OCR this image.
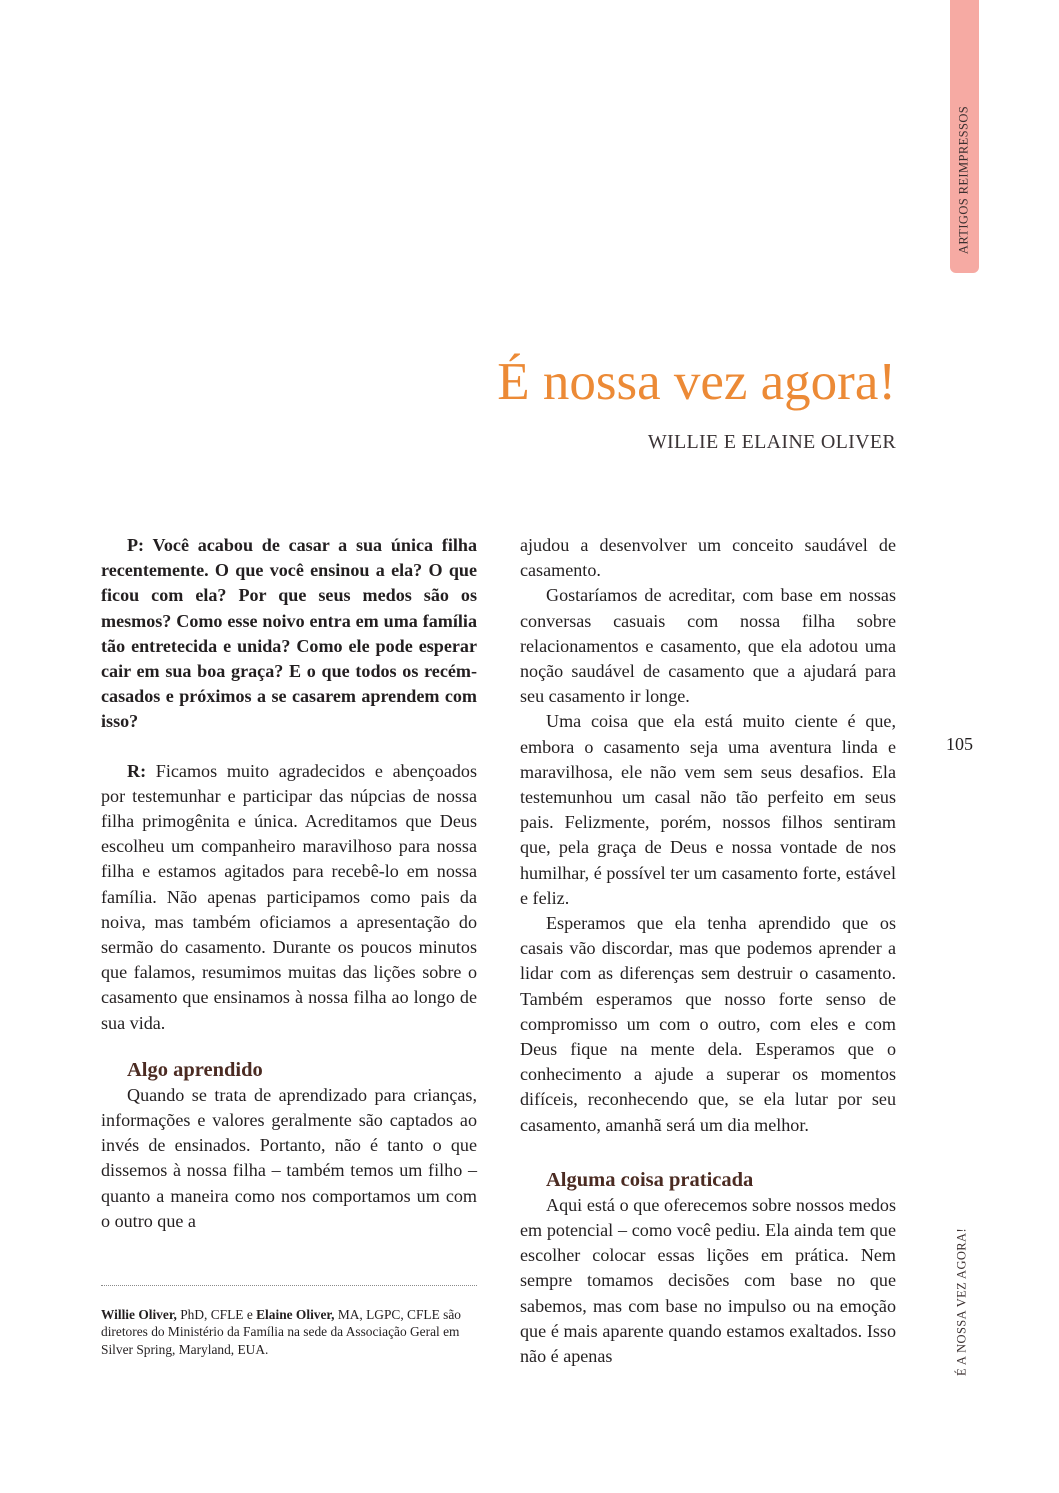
ARTIGOS REIMPRESSOS
É nossa vez agora!
WILLIE E ELAINE OLIVER
105

P: Você acabou de casar a sua única filha recentemente. O que você ensinou a ela? O que ficou com ela? Por que seus medos são os mesmos? Como esse noivo entra em uma família tão entretecida e unida? Como ele pode esperar cair em sua boa graça? E o que todos os recém-casados e próximos a se casarem aprendem com isso?

R: Ficamos muito agradecidos e abençoados por testemunhar e participar das núpcias de nossa filha primogênita e única. Acreditamos que Deus escolheu um companheiro maravilhoso para nossa filha e estamos agitados para recebê-lo em nossa família. Não apenas participamos como pais da noiva, mas também oficiamos a apresentação do sermão do casamento. Durante os poucos minutos que falamos, resumimos muitas das lições sobre o casamento que ensinamos à nossa filha ao longo de sua vida.

Algo aprendido

Quando se trata de aprendizado para crianças, informações e valores geralmente são captados ao invés de ensinados. Portanto, não é tanto o que dissemos à nossa filha – também temos um filho – quanto a maneira como nos comportamos um com o outro que a

ajudou a desenvolver um conceito saudável de casamento.

Gostaríamos de acreditar, com base em nossas conversas casuais com nossa filha sobre relacionamentos e casamento, que ela adotou uma noção saudável de casamento que a ajudará para seu casamento ir longe.

Uma coisa que ela está muito ciente é que, embora o casamento seja uma aventura linda e maravilhosa, ele não vem sem seus desafios. Ela testemunhou um casal não tão perfeito em seus pais. Felizmente, porém, nossos filhos sentiram que, pela graça de Deus e nossa vontade de nos humilhar, é possível ter um casamento forte, estável e feliz.

Esperamos que ela tenha aprendido que os casais vão discordar, mas que podemos aprender a lidar com as diferenças sem destruir o casamento. Também esperamos que nosso forte senso de compromisso um com o outro, com eles e com Deus fique na mente dela. Esperamos que o conhecimento a ajude a superar os momentos difíceis, reconhecendo que, se ela lutar por seu casamento, amanhã será um dia melhor.

Alguma coisa praticada

Aqui está o que oferecemos sobre nossos medos em potencial – como você pediu. Ela ainda tem que escolher colocar essas lições em prática. Nem sempre tomamos decisões com base no que sabemos, mas com base no impulso ou na emoção que é mais aparente quando estamos exaltados. Isso não é apenas

Willie Oliver, PhD, CFLE e Elaine Oliver, MA, LGPC, CFLE são diretores do Ministério da Família na sede da Associação Geral em Silver Spring, Maryland, EUA.	É A NOSSA VEZ AGORA!
